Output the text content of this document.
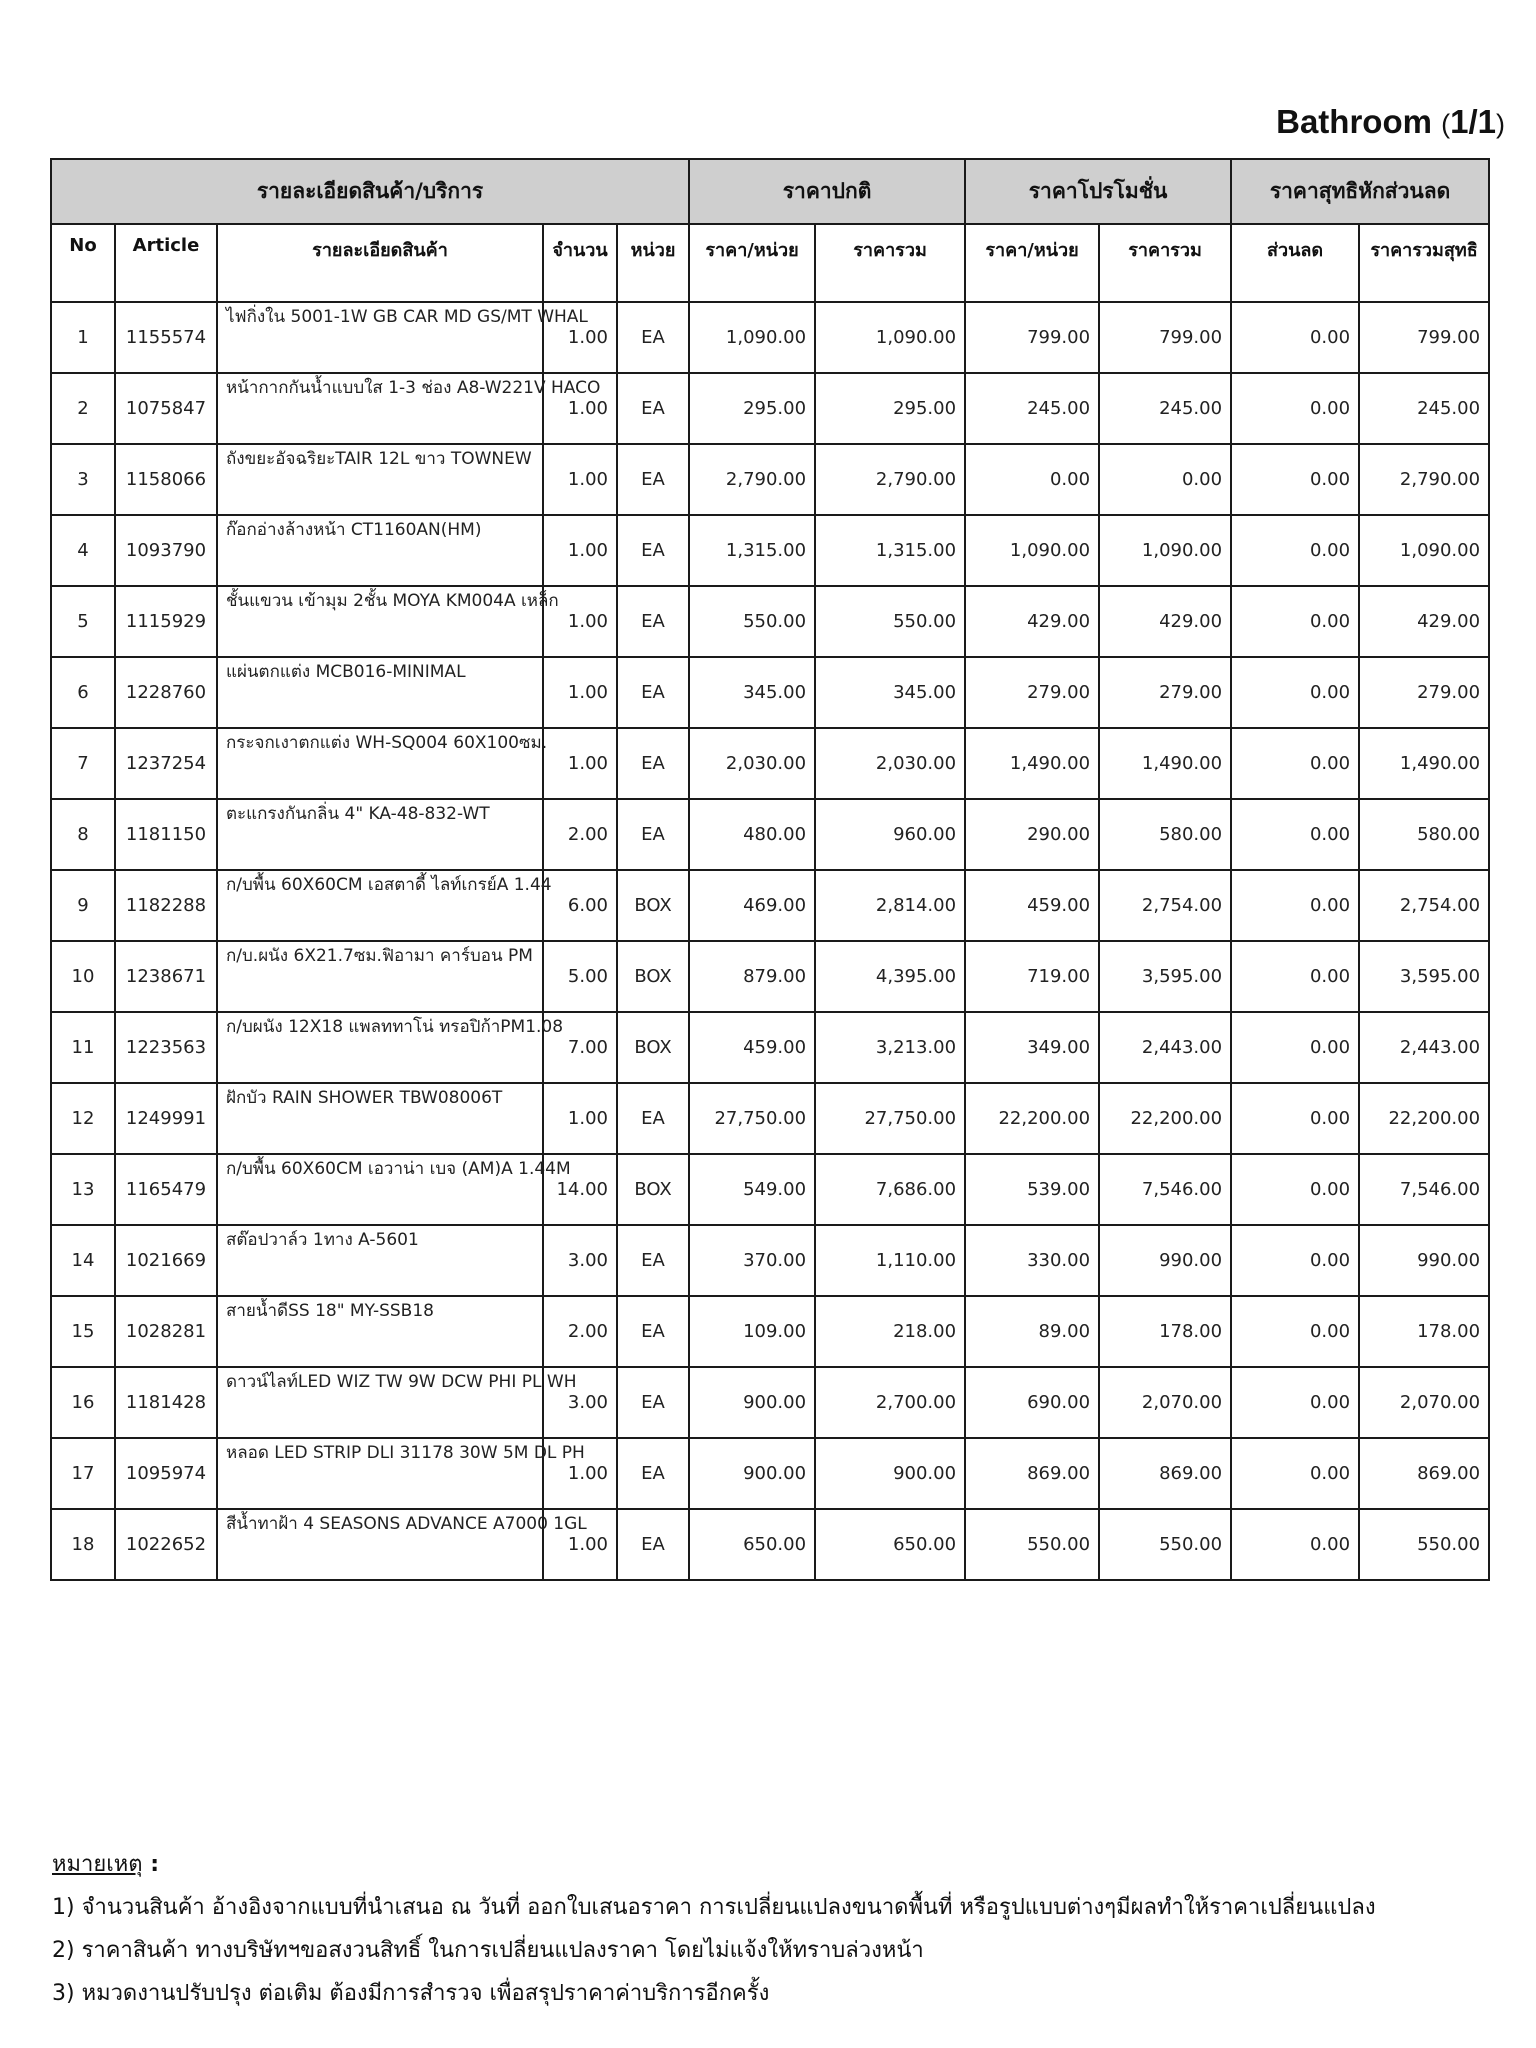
Bathroom (1/1)
รายละเอียดสินค้า/บริการ					ราคาปกติ		ราคาโปรโมชั่น		ราคาสุทธิหักส่วนลด	
No	Article	รายละเอียดสินค้า	จำนวน	หน่วย	ราคา/หน่วย	ราคารวม	ราคา/หน่วย	ราคารวม	ส่วนลด	ราคารวมสุทธิ
1	1155574	ไฟกิ่งใน 5001-1W GB CAR MD GS/MT WHAL	1.00	EA	1,090.00	1,090.00	799.00	799.00	0.00	799.00
2	1075847	หน้ากากกันน้ำแบบใส 1-3 ช่อง A8-W221V HACO	1.00	EA	295.00	295.00	245.00	245.00	0.00	245.00
3	1158066	ถังขยะอัจฉริยะTAIR 12L ขาว TOWNEW	1.00	EA	2,790.00	2,790.00	0.00	0.00	0.00	2,790.00
4	1093790	ก๊อกอ่างล้างหน้า CT1160AN(HM)	1.00	EA	1,315.00	1,315.00	1,090.00	1,090.00	0.00	1,090.00
5	1115929	ชั้นแขวน เข้ามุม 2ชั้น MOYA KM004A เหล็ก	1.00	EA	550.00	550.00	429.00	429.00	0.00	429.00
6	1228760	แผ่นตกแต่ง MCB016-MINIMAL	1.00	EA	345.00	345.00	279.00	279.00	0.00	279.00
7	1237254	กระจกเงาตกแต่ง WH-SQ004 60X100ซม.	1.00	EA	2,030.00	2,030.00	1,490.00	1,490.00	0.00	1,490.00
8	1181150	ตะแกรงกันกลิ่น 4" KA-48-832-WT	2.00	EA	480.00	960.00	290.00	580.00	0.00	580.00
9	1182288	ก/บพื้น 60X60CM เอสตาดี้ ไลท์เกรย์A 1.44	6.00	BOX	469.00	2,814.00	459.00	2,754.00	0.00	2,754.00
10	1238671	ก/บ.ผนัง 6X21.7ซม.ฟิอามา คาร์บอน PM	5.00	BOX	879.00	4,395.00	719.00	3,595.00	0.00	3,595.00
11	1223563	ก/บผนัง 12X18 แพลททาโน่ ทรอปิก้าPM1.08	7.00	BOX	459.00	3,213.00	349.00	2,443.00	0.00	2,443.00
12	1249991	ฝักบัว RAIN SHOWER TBW08006T	1.00	EA	27,750.00	27,750.00	22,200.00	22,200.00	0.00	22,200.00
13	1165479	ก/บพื้น 60X60CM เอวาน่า เบจ (AM)A 1.44M	14.00	BOX	549.00	7,686.00	539.00	7,546.00	0.00	7,546.00
14	1021669	สต๊อปวาล์ว 1ทาง A-5601	3.00	EA	370.00	1,110.00	330.00	990.00	0.00	990.00
15	1028281	สายน้ำดีSS 18" MY-SSB18	2.00	EA	109.00	218.00	89.00	178.00	0.00	178.00
16	1181428	ดาวน์ไลท์LED WIZ TW 9W DCW PHI PL WH	3.00	EA	900.00	2,700.00	690.00	2,070.00	0.00	2,070.00
17	1095974	หลอด LED STRIP DLI 31178 30W 5M DL PH	1.00	EA	900.00	900.00	869.00	869.00	0.00	869.00
18	1022652	สีน้ำทาฝ้า 4 SEASONS ADVANCE A7000 1GL	1.00	EA	650.00	650.00	550.00	550.00	0.00	550.00
หมายเหตุ :
1) จำนวนสินค้า อ้างอิงจากแบบที่นำเสนอ ณ วันที่ ออกใบเสนอราคา การเปลี่ยนแปลงขนาดพื้นที่ หรือรูปแบบต่างๆมีผลทำให้ราคาเปลี่ยนแปลง
2) ราคาสินค้า ทางบริษัทฯขอสงวนสิทธิ์ ในการเปลี่ยนแปลงราคา โดยไม่แจ้งให้ทราบล่วงหน้า
3) หมวดงานปรับปรุง ต่อเติม ต้องมีการสำรวจ เพื่อสรุปราคาค่าบริการอีกครั้ง
